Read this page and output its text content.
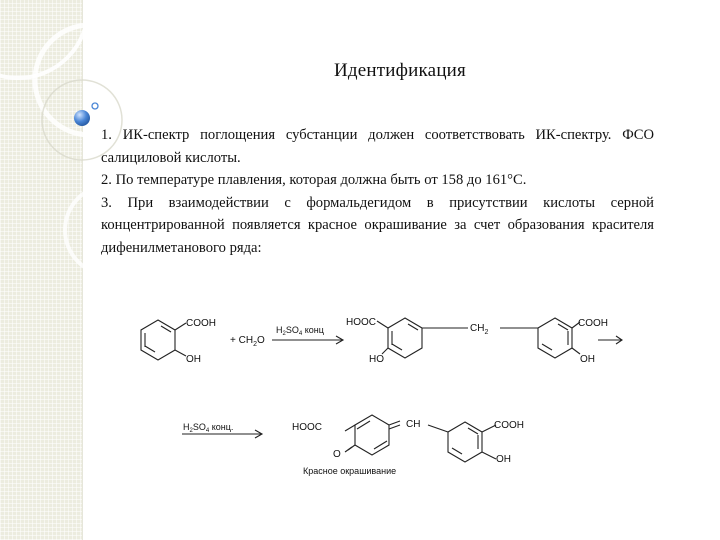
Идентификация

1. ИК-спектр поглощения субстанции должен соответствовать ИК-спектру. ФСО салициловой кислоты.

2. По температуре плавления, которая должна быть от 158 до 161°С.

3. При взаимодействии с формальдегидом в присутствии кислоты серной концентрированной появляется красное окрашивание за счет образования красителя дифенилметанового ряда:

COOH
OH
+ $CH_2O$
$H_2SO_4$ конц
HOOC
HO
$CH_2$
COOH
OH
$H_2SO_4$ конц.	HOOC
O
CH	COOH
OH
Красное окрашивание
